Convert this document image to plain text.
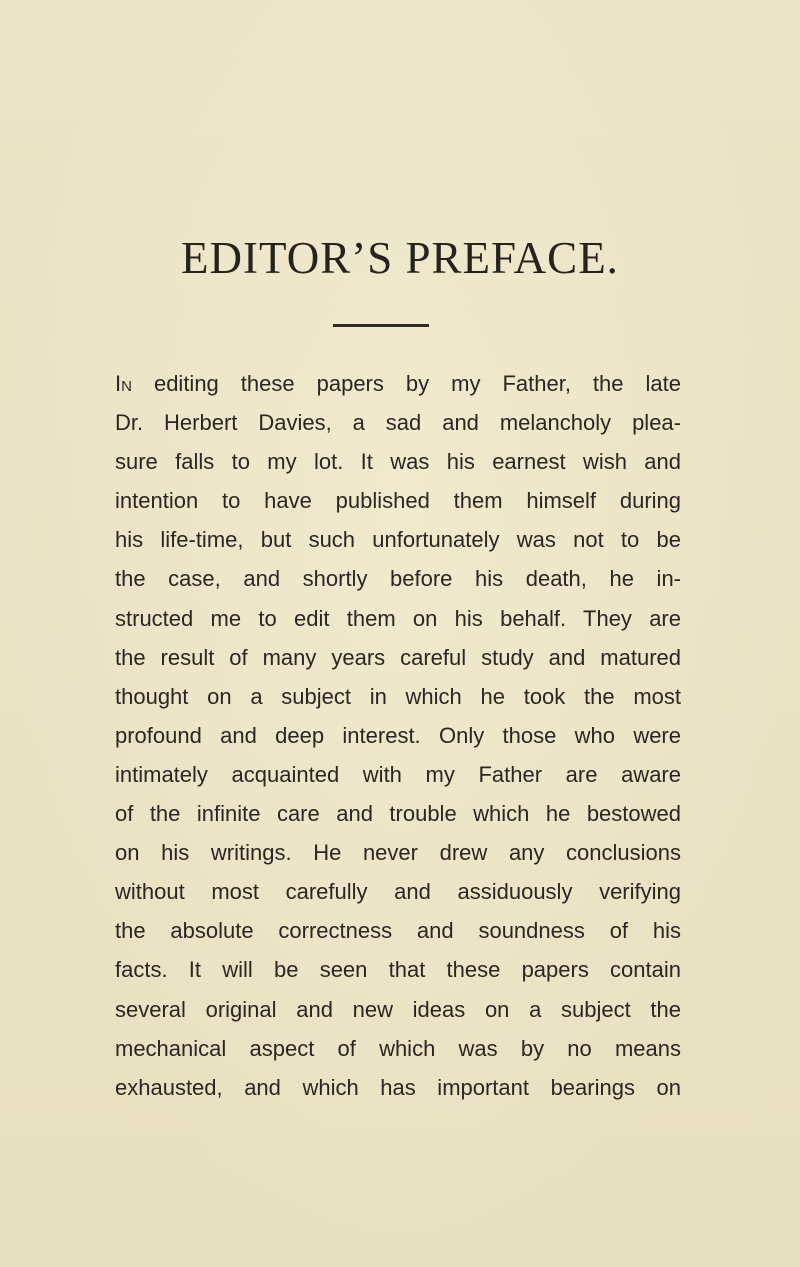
EDITOR’S PREFACE.
In editing these papers by my Father, the late
Dr. Herbert Davies, a sad and melancholy plea-
sure falls to my lot. It was his earnest wish and
intention to have published them himself during
his life-time, but such unfortunately was not to be
the case, and shortly before his death, he in-
structed me to edit them on his behalf. They are
the result of many years careful study and matured
thought on a subject in which he took the most
profound and deep interest. Only those who were
intimately acquainted with my Father are aware
of the infinite care and trouble which he bestowed
on his writings. He never drew any conclusions
without most carefully and assiduously verifying
the absolute correctness and soundness of his
facts. It will be seen that these papers contain
several original and new ideas on a subject the
mechanical aspect of which was by no means
exhausted, and which has important bearings on
